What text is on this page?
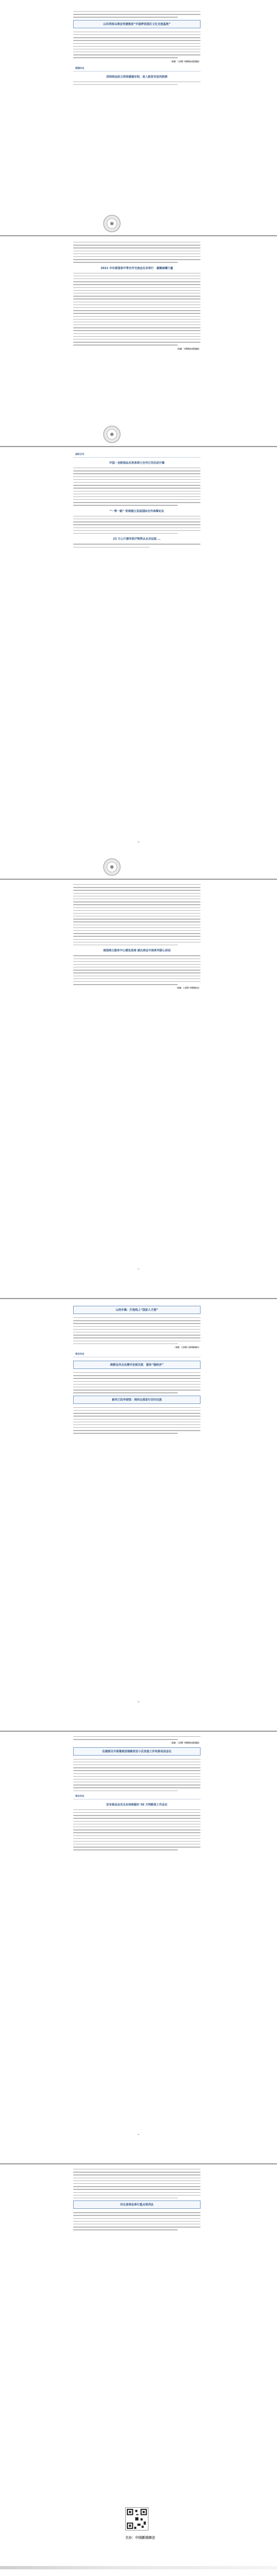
山东菏泽以商会党建推进“中国梦进园区文化交流基地”
（来源：人民网 中国商协会报道组）
援建动态
菏泽商会助力菏泽援建东明，进入脱贫攻坚决胜期
2021 中东部国家中等合作交流会在京举行　凝聚磅礴力量
（来源：中国商协会报道组）
国际合作
中国－亚欧商品买卖单商大合作江苏启动开幕
“一带一路” 侨商建立首届国际合作高峰论坛
23 万公斤援华医疗物资从北京运抵 ...
26
南国商立服务中心建设进展 湖北商会开展系列爱心活动
（来源：人民网 中国商协会）
27
山西乡镇：打造线上“国家人才港”
（来源：人民网 山西省新闻办）
商会动态
商都会员企业携手发展交流　服务“稳经济”
新西兰驻华使馆：到西北部进行访问交流
28
（来源：人民网 中国商协会报道组）
住建部召开部署推进城镇老旧小区改造工作电视电话会议
商会动态
发布商会会员企业持续做好 50 万吨粮食工作会议
29
河北省商会举行重点培训会
主办：中国新闻商会
